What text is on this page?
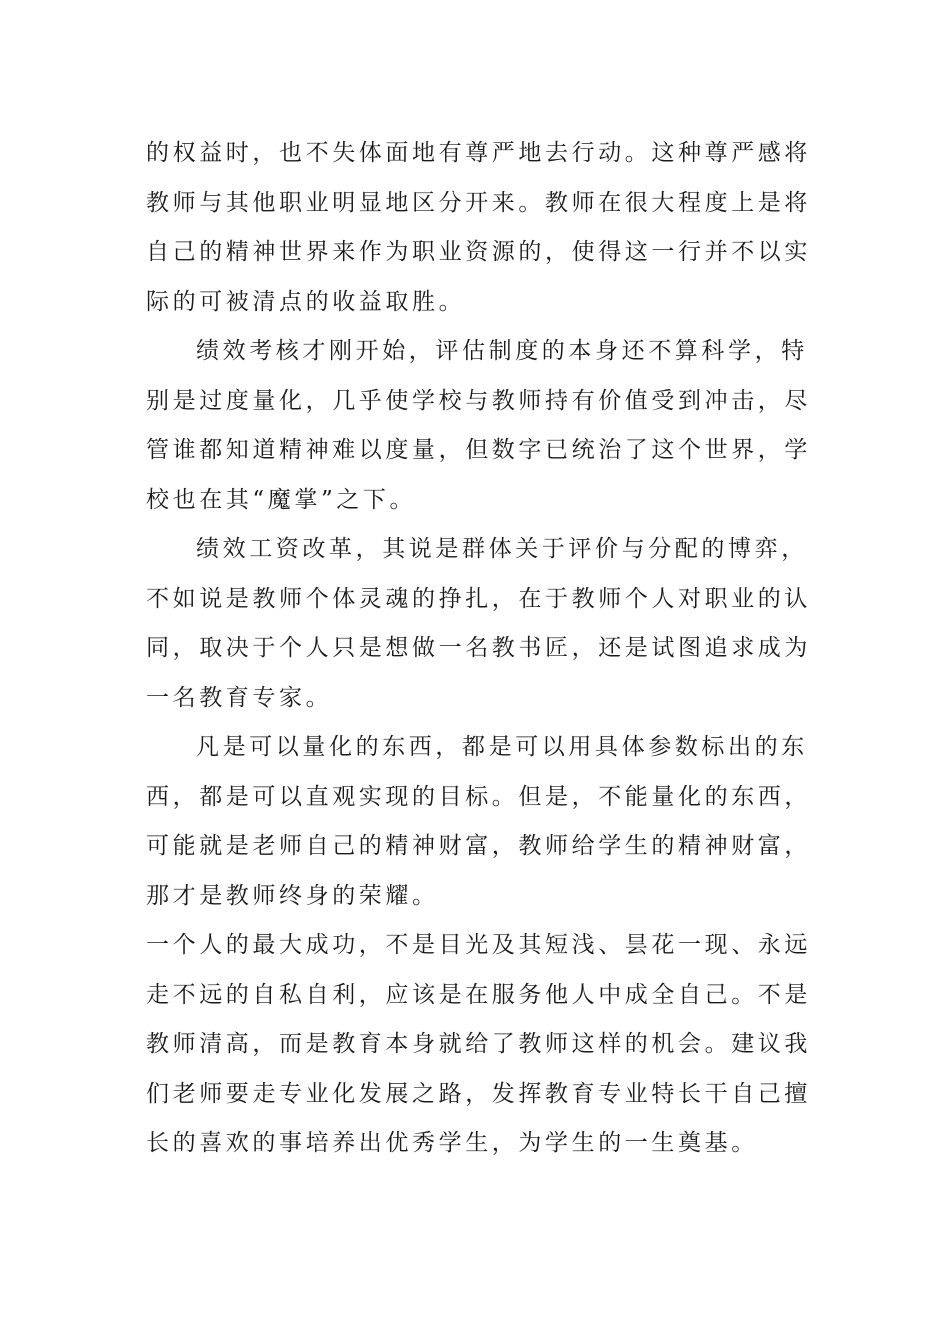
的权益时，也不失体面地有尊严地去行动。这种尊严感将
教师与其他职业明显地区分开来。教师在很大程度上是将
自己的精神世界来作为职业资源的，使得这一行并不以实
际的可被清点的收益取胜。
绩效考核才刚开始，评估制度的本身还不算科学，特
别是过度量化，几乎使学校与教师持有价值受到冲击，尽
管谁都知道精神难以度量，但数字已统治了这个世界，学
校也在其“魔掌”之下。
绩效工资改革，其说是群体关于评价与分配的博弈，
不如说是教师个体灵魂的挣扎，在于教师个人对职业的认
同，取决于个人只是想做一名教书匠，还是试图追求成为
一名教育专家。
凡是可以量化的东西，都是可以用具体参数标出的东
西，都是可以直观实现的目标。但是，不能量化的东西，
可能就是老师自己的精神财富，教师给学生的精神财富，
那才是教师终身的荣耀。
一个人的最大成功，不是目光及其短浅、昙花一现、永远
走不远的自私自利，应该是在服务他人中成全自己。不是
教师清高，而是教育本身就给了教师这样的机会。建议我
们老师要走专业化发展之路，发挥教育专业特长干自己擅
长的喜欢的事培养出优秀学生，为学生的一生奠基。
